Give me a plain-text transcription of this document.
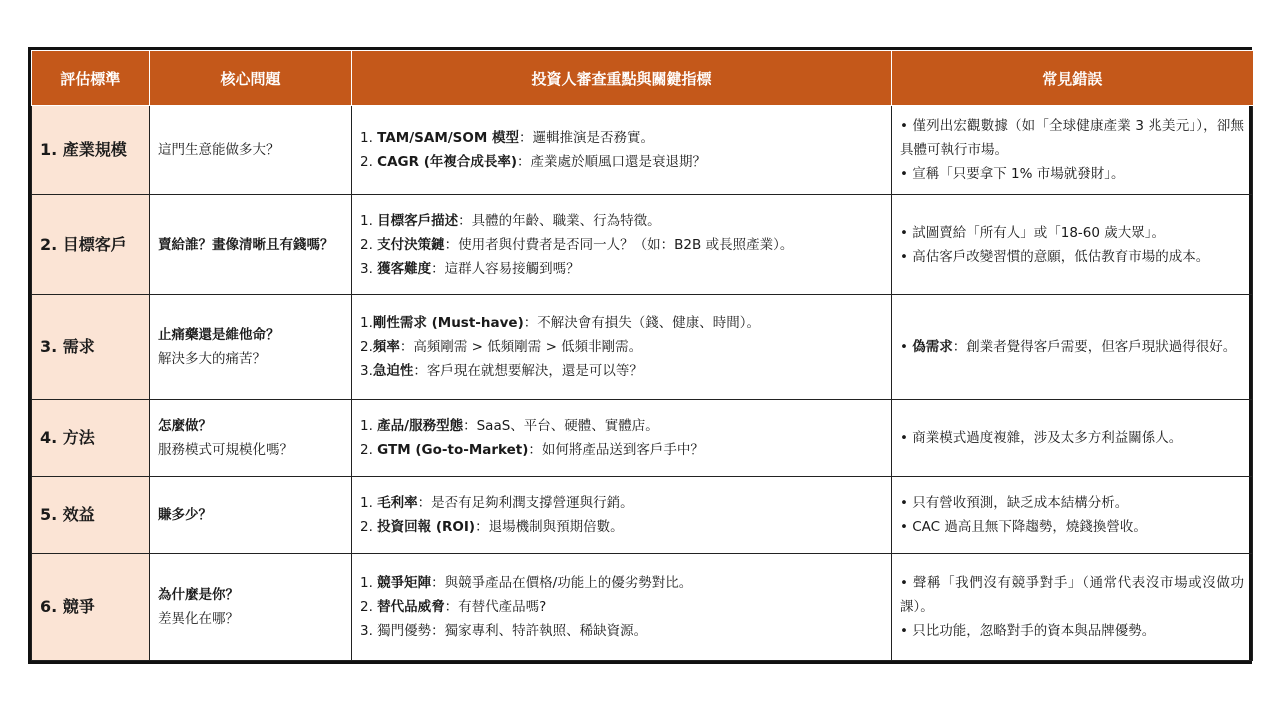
評估標準	核心問題	投資人審查重點與關鍵指標	常見錯誤
1. 產業規模	這門生意能做多大？	1. TAM/SAM/SOM 模型：邏輯推演是否務實。
2. CAGR (年複合成長率)：產業處於順風口還是衰退期？	• 僅列出宏觀數據（如「全球健康產業 3 兆美元」），卻無具體可執行市場。
• 宣稱「只要拿下 1% 市場就發財」。

2. 目標客戶	賣給誰？畫像清晰且有錢嗎？	1. 目標客戶描述：具體的年齡、職業、行為特徵。
2. 支付決策鏈：使用者與付費者是否同一人？（如：B2B 或長照產業）。
3. 獲客難度：這群人容易接觸到嗎？	• 試圖賣給「所有人」或「18-60 歲大眾」。
• 高估客戶改變習慣的意願，低估教育市場的成本。

3. 需求	止痛藥還是維他命？
解決多大的痛苦？	1.剛性需求 (Must-have)：不解決會有損失（錢、健康、時間）。
2.頻率：高頻剛需 > 低頻剛需 > 低頻非剛需。
3.急迫性：客戶現在就想要解決，還是可以等？	• 偽需求：創業者覺得客戶需要，但客戶現狀過得很好。

4. 方法	怎麼做？
服務模式可規模化嗎？	1. 產品/服務型態：SaaS、平台、硬體、實體店。
2. GTM (Go-to-Market)：如何將產品送到客戶手中？	• 商業模式過度複雜，涉及太多方利益關係人。

5. 效益	賺多少？	1. 毛利率：是否有足夠利潤支撐營運與行銷。
2. 投資回報 (ROI)：退場機制與預期倍數。	• 只有營收預測，缺乏成本結構分析。
• CAC 過高且無下降趨勢，燒錢換營收。

6. 競爭	為什麼是你？
差異化在哪？	1. 競爭矩陣：與競爭產品在價格/功能上的優劣勢對比。
2. 替代品威脅：有替代產品嗎?
3. 獨門優勢：獨家專利、特許執照、稀缺資源。	• 聲稱「我們沒有競爭對手」（通常代表沒市場或沒做功課）。
• 只比功能，忽略對手的資本與品牌優勢。
